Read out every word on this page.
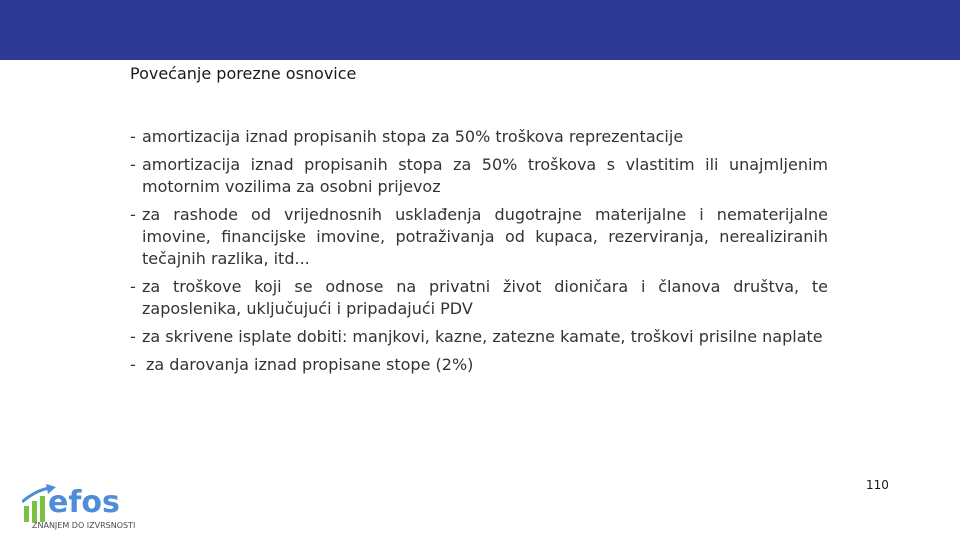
Povećanje porezne osnovice
- amortizacija iznad propisanih stopa za 50% troškova reprezentacije
- amortizacija iznad propisanih stopa za 50% troškova s vlastitim ili unajmljenim motornim vozilima za osobni prijevoz
- za rashode od vrijednosnih usklađenja dugotrajne materijalne i nematerijalne imovine, financijske imovine, potraživanja od kupaca, rezerviranja, nerealiziranih tečajnih razlika, itd...
- za troškove koji se odnose na privatni život dioničara i članova društva, te zaposlenika, uključujući i pripadajući PDV
- za skrivene isplate dobiti: manjkovi, kazne, zatezne kamate, troškovi prisilne naplate
- za darovanja iznad propisane stope (2%)
efos
ZNANJEM DO IZVRSNOSTI
110
